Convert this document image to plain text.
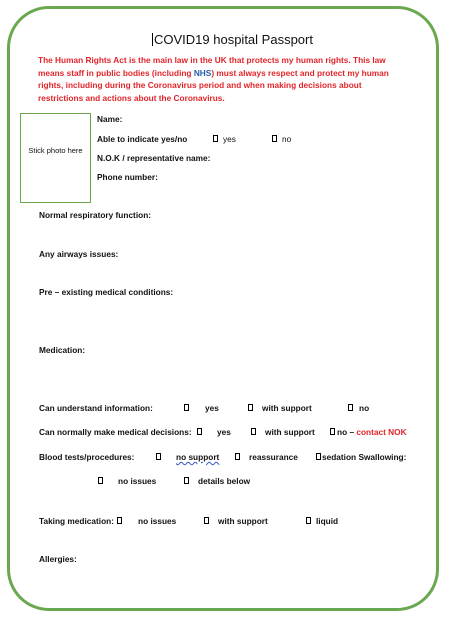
COVID19 hospital Passport
The Human Rights Act is the main law in the UK that protects my human rights. This law means staff in public bodies (including NHS) must always respect and protect my human rights, including during the Coronavirus period and when making decisions about restrictions and actions about the Coronavirus.
Stick photo here
Name:
Able to indicate yes/no	yes	no
N.O.K / representative name:
Phone number:
Normal respiratory function:
Any airways issues:
Pre – existing medical conditions:
Medication:
Can understand information:	yes	with support	no
Can normally make medical decisions:	yes	with support	no – contact NOK
Blood tests/procedures:	no support	reassurance	sedation Swallowing:
no issues	details below
Taking medication:	no issues	with support	liquid
Allergies:
